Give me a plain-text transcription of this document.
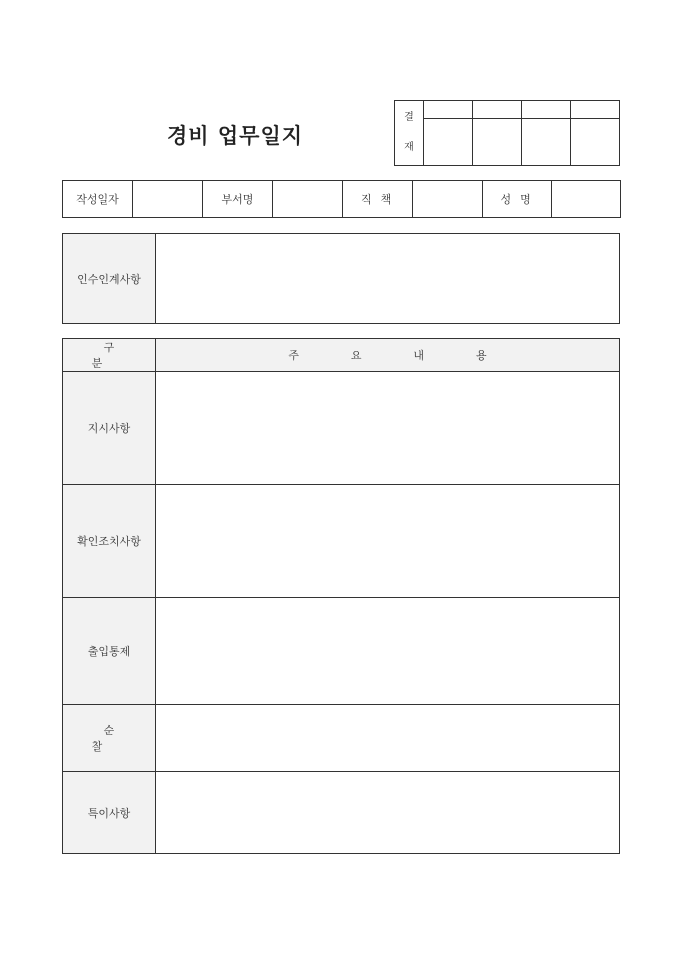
경비 업무일지
결
재				

작성일자		부서명		직 책		성 명	
인수인계사항	
구 분	주 요 내 용
지시사항	
확인조치사항	
출입통제	
순 찰	
특이사항	
